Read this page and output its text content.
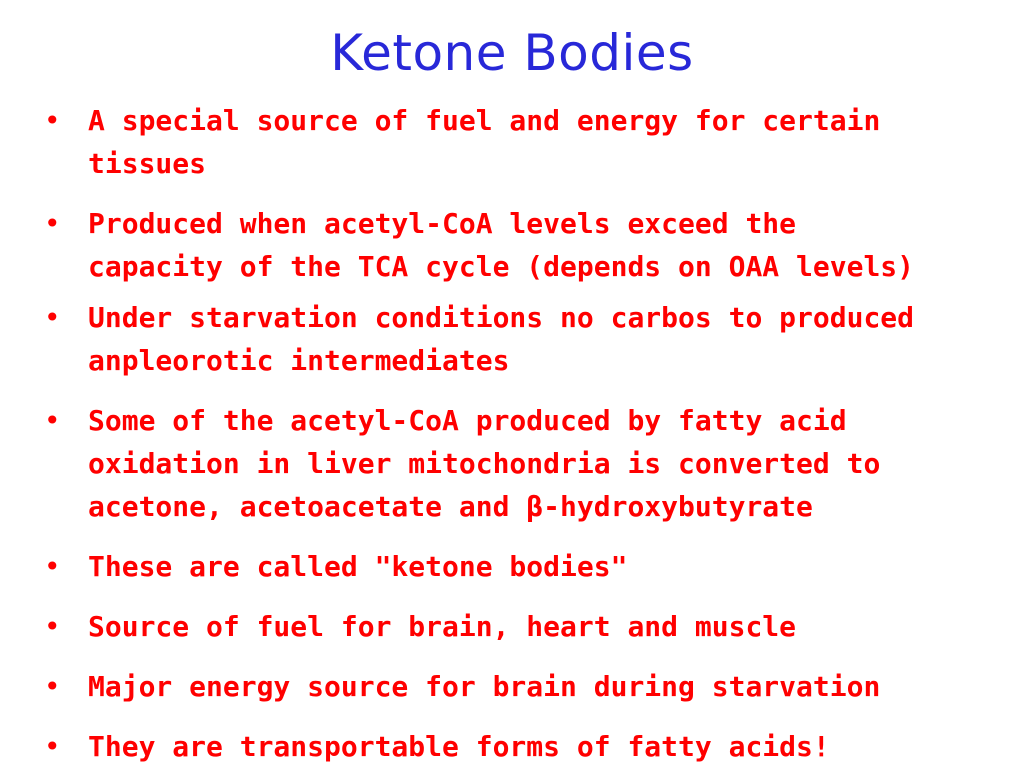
Ketone Bodies
• A special source of fuel and energy for certain
tissues
• Produced when acetyl-CoA levels exceed the
capacity of the TCA cycle (depends on OAA levels)
• Under starvation conditions no carbos to produced
anpleorotic intermediates
• Some of the acetyl-CoA produced by fatty acid
oxidation in liver mitochondria is converted to
acetone, acetoacetate and β-hydroxybutyrate
• These are called "ketone bodies"
• Source of fuel for brain, heart and muscle
• Major energy source for brain during starvation
• They are transportable forms of fatty acids!
